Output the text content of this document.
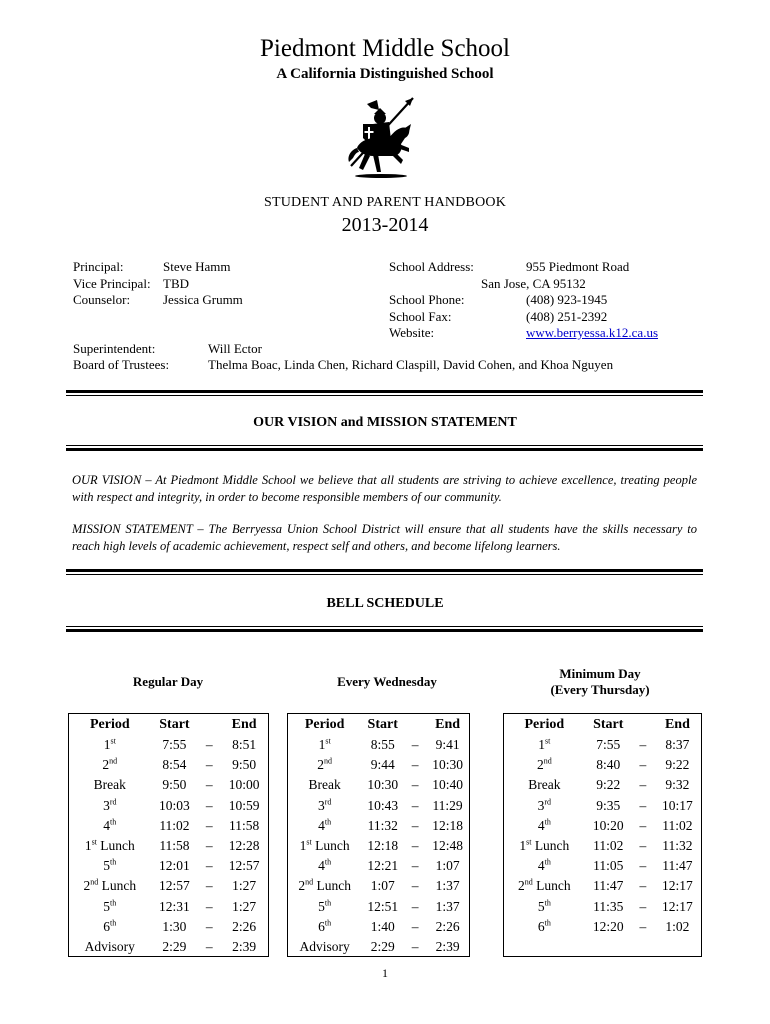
Piedmont Middle School
A California Distinguished School
STUDENT AND PARENT HANDBOOK
2013-2014
Principal:	Steve Hamm
Vice Principal: TBD
Counselor:	Jessica Grumm
School Address:	955 Piedmont Road
San Jose, CA 95132
School Phone:	(408) 923-1945
School Fax:	(408) 251-2392
Website:	www.berryessa.k12.ca.us
Superintendent:	Will Ector
Board of Trustees:	Thelma Boac, Linda Chen, Richard Claspill, David Cohen, and Khoa Nguyen
OUR VISION and MISSION STATEMENT
OUR VISION – At Piedmont Middle School we believe that all students are striving to achieve excellence, treating people with respect and integrity, in order to become responsible members of our community.
MISSION STATEMENT – The Berryessa Union School District will ensure that all students have the skills necessary to reach high levels of academic achievement, respect self and others, and become lifelong learners.
BELL SCHEDULE
Regular Day	Every Wednesday
Minimum Day
(Every Thursday)
Period	Start		End
1st	7:55	–	8:51
2nd	8:54	–	9:50
Break	9:50	–	10:00
3rd	10:03	–	10:59
4th	11:02	–	11:58
1st Lunch	11:58	–	12:28
5th	12:01	–	12:57
2nd Lunch	12:57	–	1:27
5th	12:31	–	1:27
6th	1:30	–	2:26
Advisory	2:29	–	2:39
Period	Start		End
1st	8:55	–	9:41
2nd	9:44	–	10:30
Break	10:30	–	10:40
3rd	10:43	–	11:29
4th	11:32	–	12:18
1st Lunch	12:18	–	12:48
4th	12:21	–	1:07
2nd Lunch	1:07	–	1:37
5th	12:51	–	1:37
6th	1:40	–	2:26
Advisory	2:29	–	2:39
Period	Start		End
1st	7:55	–	8:37
2nd	8:40	–	9:22
Break	9:22	–	9:32
3rd	9:35	–	10:17
4th	10:20	–	11:02
1st Lunch	11:02	–	11:32
4th	11:05	–	11:47
2nd Lunch	11:47	–	12:17
5th	11:35	–	12:17
6th	12:20	–	1:02
1
